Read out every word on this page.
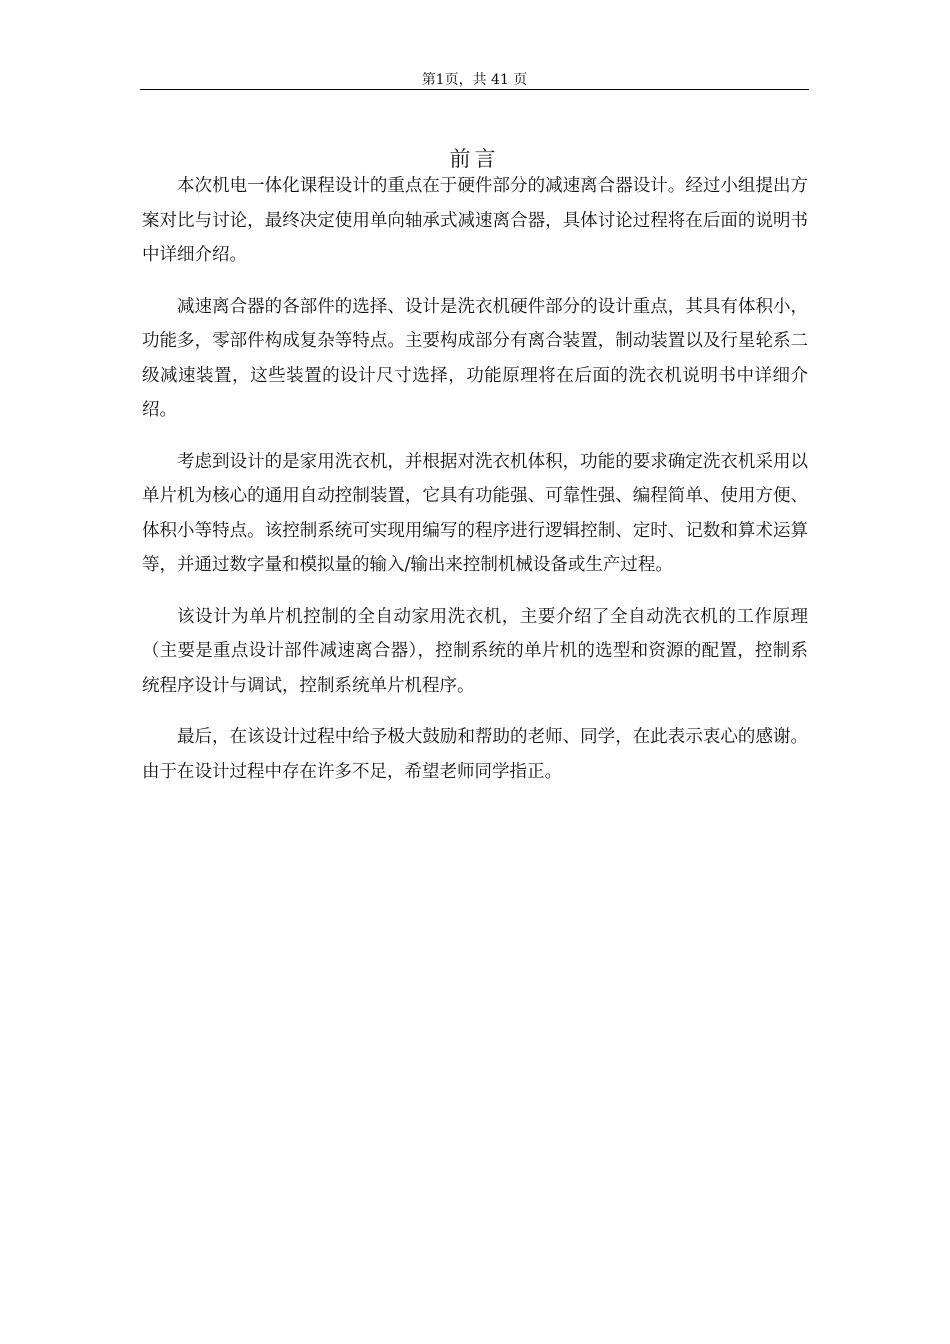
第1页，共 41 页
前言

本次机电一体化课程设计的重点在于硬件部分的减速离合器设计。经过小组提出方案对比与讨论，最终决定使用单向轴承式减速离合器，具体讨论过程将在后面的说明书中详细介绍。

减速离合器的各部件的选择、设计是洗衣机硬件部分的设计重点，其具有体积小，功能多，零部件构成复杂等特点。主要构成部分有离合装置，制动装置以及行星轮系二级减速装置，这些装置的设计尺寸选择，功能原理将在后面的洗衣机说明书中详细介绍。

考虑到设计的是家用洗衣机，并根据对洗衣机体积，功能的要求确定洗衣机采用以单片机为核心的通用自动控制装置，它具有功能强、可靠性强、编程简单、使用方便、体积小等特点。该控制系统可实现用编写的程序进行逻辑控制、定时、记数和算术运算等，并通过数字量和模拟量的输入/输出来控制机械设备或生产过程。

该设计为单片机控制的全自动家用洗衣机，主要介绍了全自动洗衣机的工作原理（主要是重点设计部件减速离合器），控制系统的单片机的选型和资源的配置，控制系统程序设计与调试，控制系统单片机程序。

最后，在该设计过程中给予极大鼓励和帮助的老师、同学，在此表示衷心的感谢。由于在设计过程中存在许多不足，希望老师同学指正。
